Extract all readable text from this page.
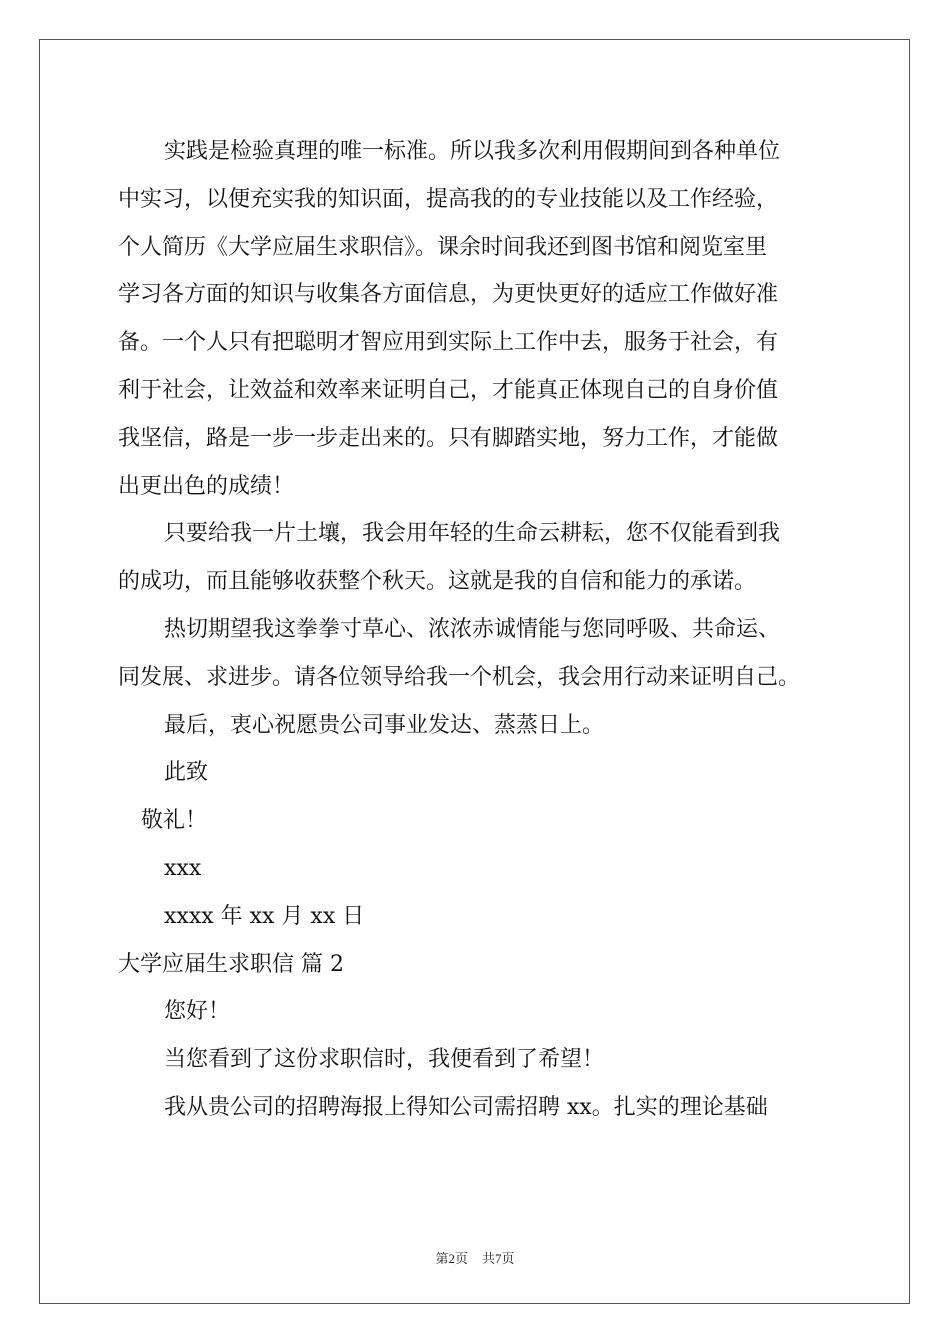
实践是检验真理的唯一标准。所以我多次利用假期间到各种单位
中实习，以便充实我的知识面，提高我的的专业技能以及工作经验，
个人简历《大学应届生求职信》。课余时间我还到图书馆和阅览室里
学习各方面的知识与收集各方面信息，为更快更好的适应工作做好准
备。一个人只有把聪明才智应用到实际上工作中去，服务于社会，有
利于社会，让效益和效率来证明自己，才能真正体现自己的自身价值
我坚信，路是一步一步走出来的。只有脚踏实地，努力工作，才能做
出更出色的成绩！
只要给我一片土壤，我会用年轻的生命云耕耘，您不仅能看到我
的成功，而且能够收获整个秋天。这就是我的自信和能力的承诺。
热切期望我这拳拳寸草心、浓浓赤诚情能与您同呼吸、共命运、
同发展、求进步。请各位领导给我一个机会，我会用行动来证明自己。
最后，衷心祝愿贵公司事业发达、蒸蒸日上。
此致
敬礼！
xxx
xxxx 年 xx 月 xx 日
大学应届生求职信 篇 2
您好！
当您看到了这份求职信时，我便看到了希望！
我从贵公司的招聘海报上得知公司需招聘 xx。扎实的理论基础
第2页 共7页
